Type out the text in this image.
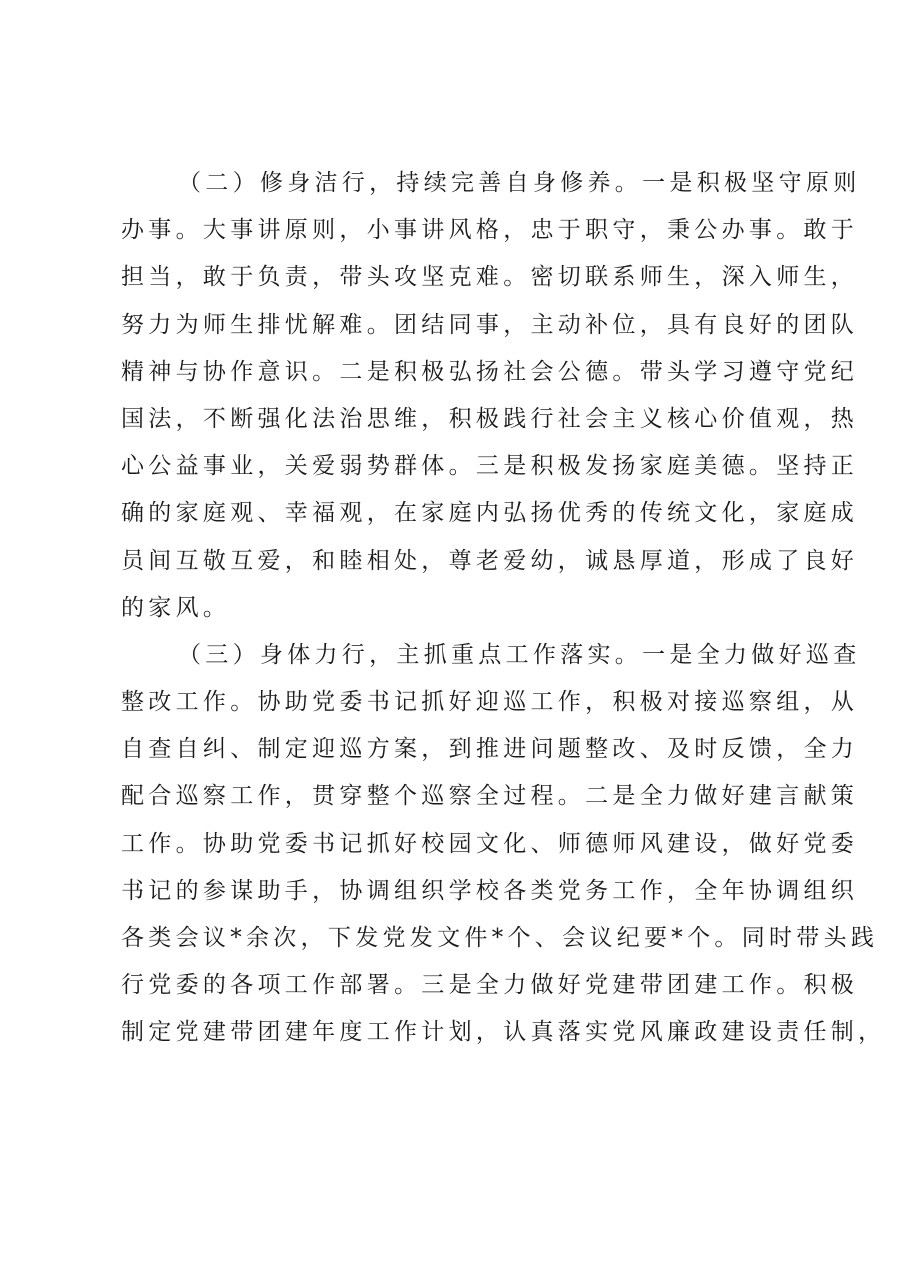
（二）修身洁行，持续完善自身修养。一是积极坚守原则
办事。大事讲原则，小事讲风格，忠于职守，秉公办事。敢于
担当，敢于负责，带头攻坚克难。密切联系师生，深入师生，
努力为师生排忧解难。团结同事，主动补位，具有良好的团队
精神与协作意识。二是积极弘扬社会公德。带头学习遵守党纪
国法，不断强化法治思维，积极践行社会主义核心价值观，热
心公益事业，关爱弱势群体。三是积极发扬家庭美德。坚持正
确的家庭观、幸福观，在家庭内弘扬优秀的传统文化，家庭成
员间互敬互爱，和睦相处，尊老爱幼，诚恳厚道，形成了良好
的家风。
（三）身体力行，主抓重点工作落实。一是全力做好巡查
整改工作。协助党委书记抓好迎巡工作，积极对接巡察组，从
自查自纠、制定迎巡方案，到推进问题整改、及时反馈，全力
配合巡察工作，贯穿整个巡察全过程。二是全力做好建言献策
工作。协助党委书记抓好校园文化、师德师风建设，做好党委
书记的参谋助手，协调组织学校各类党务工作，全年协调组织
各类会议*余次，下发党发文件*个、会议纪要*个。同时带头践
行党委的各项工作部署。三是全力做好党建带团建工作。积极
制定党建带团建年度工作计划，认真落实党风廉政建设责任制，
